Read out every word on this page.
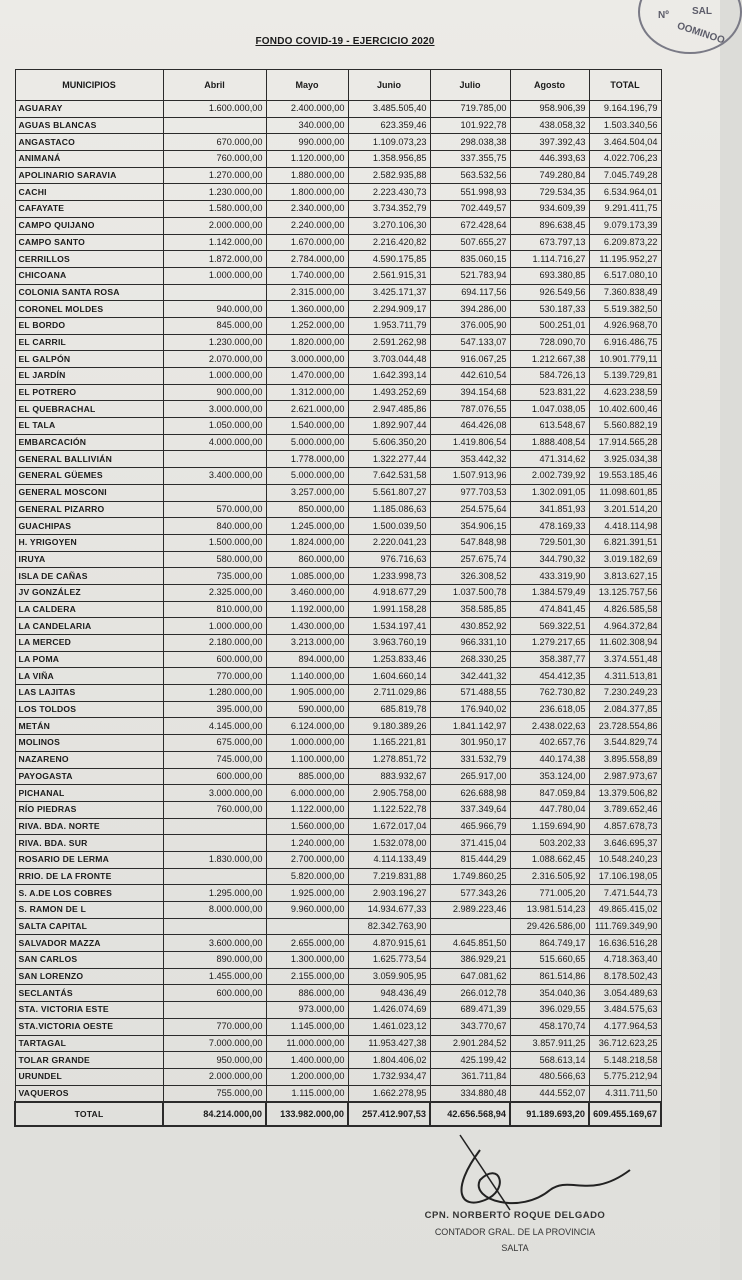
Nº
OOMINOO
SAL
FONDO COVID-19 - EJERCICIO 2020
MUNICIPIOS	Abril	Mayo	Junio	Julio	Agosto	TOTAL
AGUARAY	1.600.000,00	2.400.000,00	3.485.505,40	719.785,00	958.906,39	9.164.196,79
AGUAS BLANCAS		340.000,00	623.359,46	101.922,78	438.058,32	1.503.340,56
ANGASTACO	670.000,00	990.000,00	1.109.073,23	298.038,38	397.392,43	3.464.504,04
ANIMANÁ	760.000,00	1.120.000,00	1.358.956,85	337.355,75	446.393,63	4.022.706,23
APOLINARIO SARAVIA	1.270.000,00	1.880.000,00	2.582.935,88	563.532,56	749.280,84	7.045.749,28
CACHI	1.230.000,00	1.800.000,00	2.223.430,73	551.998,93	729.534,35	6.534.964,01
CAFAYATE	1.580.000,00	2.340.000,00	3.734.352,79	702.449,57	934.609,39	9.291.411,75
CAMPO QUIJANO	2.000.000,00	2.240.000,00	3.270.106,30	672.428,64	896.638,45	9.079.173,39
CAMPO SANTO	1.142.000,00	1.670.000,00	2.216.420,82	507.655,27	673.797,13	6.209.873,22
CERRILLOS	1.872.000,00	2.784.000,00	4.590.175,85	835.060,15	1.114.716,27	11.195.952,27
CHICOANA	1.000.000,00	1.740.000,00	2.561.915,31	521.783,94	693.380,85	6.517.080,10
COLONIA SANTA ROSA		2.315.000,00	3.425.171,37	694.117,56	926.549,56	7.360.838,49
CORONEL MOLDES	940.000,00	1.360.000,00	2.294.909,17	394.286,00	530.187,33	5.519.382,50
EL BORDO	845.000,00	1.252.000,00	1.953.711,79	376.005,90	500.251,01	4.926.968,70
EL CARRIL	1.230.000,00	1.820.000,00	2.591.262,98	547.133,07	728.090,70	6.916.486,75
EL GALPÓN	2.070.000,00	3.000.000,00	3.703.044,48	916.067,25	1.212.667,38	10.901.779,11
EL JARDÍN	1.000.000,00	1.470.000,00	1.642.393,14	442.610,54	584.726,13	5.139.729,81
EL POTRERO	900.000,00	1.312.000,00	1.493.252,69	394.154,68	523.831,22	4.623.238,59
EL QUEBRACHAL	3.000.000,00	2.621.000,00	2.947.485,86	787.076,55	1.047.038,05	10.402.600,46
EL TALA	1.050.000,00	1.540.000,00	1.892.907,44	464.426,08	613.548,67	5.560.882,19
EMBARCACIÓN	4.000.000,00	5.000.000,00	5.606.350,20	1.419.806,54	1.888.408,54	17.914.565,28
GENERAL BALLIVIÁN		1.778.000,00	1.322.277,44	353.442,32	471.314,62	3.925.034,38
GENERAL GÜEMES	3.400.000,00	5.000.000,00	7.642.531,58	1.507.913,96	2.002.739,92	19.553.185,46
GENERAL MOSCONI		3.257.000,00	5.561.807,27	977.703,53	1.302.091,05	11.098.601,85
GENERAL PIZARRO	570.000,00	850.000,00	1.185.086,63	254.575,64	341.851,93	3.201.514,20
GUACHIPAS	840.000,00	1.245.000,00	1.500.039,50	354.906,15	478.169,33	4.418.114,98
H. YRIGOYEN	1.500.000,00	1.824.000,00	2.220.041,23	547.848,98	729.501,30	6.821.391,51
IRUYA	580.000,00	860.000,00	976.716,63	257.675,74	344.790,32	3.019.182,69
ISLA DE CAÑAS	735.000,00	1.085.000,00	1.233.998,73	326.308,52	433.319,90	3.813.627,15
JV GONZÁLEZ	2.325.000,00	3.460.000,00	4.918.677,29	1.037.500,78	1.384.579,49	13.125.757,56
LA CALDERA	810.000,00	1.192.000,00	1.991.158,28	358.585,85	474.841,45	4.826.585,58
LA CANDELARIA	1.000.000,00	1.430.000,00	1.534.197,41	430.852,92	569.322,51	4.964.372,84
LA MERCED	2.180.000,00	3.213.000,00	3.963.760,19	966.331,10	1.279.217,65	11.602.308,94
LA POMA	600.000,00	894.000,00	1.253.833,46	268.330,25	358.387,77	3.374.551,48
LA VIÑA	770.000,00	1.140.000,00	1.604.660,14	342.441,32	454.412,35	4.311.513,81
LAS LAJITAS	1.280.000,00	1.905.000,00	2.711.029,86	571.488,55	762.730,82	7.230.249,23
LOS TOLDOS	395.000,00	590.000,00	685.819,78	176.940,02	236.618,05	2.084.377,85
METÁN	4.145.000,00	6.124.000,00	9.180.389,26	1.841.142,97	2.438.022,63	23.728.554,86
MOLINOS	675.000,00	1.000.000,00	1.165.221,81	301.950,17	402.657,76	3.544.829,74
NAZARENO	745.000,00	1.100.000,00	1.278.851,72	331.532,79	440.174,38	3.895.558,89
PAYOGASTA	600.000,00	885.000,00	883.932,67	265.917,00	353.124,00	2.987.973,67
PICHANAL	3.000.000,00	6.000.000,00	2.905.758,00	626.688,98	847.059,84	13.379.506,82
RÍO PIEDRAS	760.000,00	1.122.000,00	1.122.522,78	337.349,64	447.780,04	3.789.652,46
RIVA. BDA. NORTE		1.560.000,00	1.672.017,04	465.966,79	1.159.694,90	4.857.678,73
RIVA. BDA. SUR		1.240.000,00	1.532.078,00	371.415,04	503.202,33	3.646.695,37
ROSARIO DE LERMA	1.830.000,00	2.700.000,00	4.114.133,49	815.444,29	1.088.662,45	10.548.240,23
RRIO. DE LA FRONTE		5.820.000,00	7.219.831,88	1.749.860,25	2.316.505,92	17.106.198,05
S. A.DE LOS COBRES	1.295.000,00	1.925.000,00	2.903.196,27	577.343,26	771.005,20	7.471.544,73
S. RAMON DE L	8.000.000,00	9.960.000,00	14.934.677,33	2.989.223,46	13.981.514,23	49.865.415,02
SALTA CAPITAL			82.342.763,90		29.426.586,00	111.769.349,90
SALVADOR MAZZA	3.600.000,00	2.655.000,00	4.870.915,61	4.645.851,50	864.749,17	16.636.516,28
SAN CARLOS	890.000,00	1.300.000,00	1.625.773,54	386.929,21	515.660,65	4.718.363,40
SAN LORENZO	1.455.000,00	2.155.000,00	3.059.905,95	647.081,62	861.514,86	8.178.502,43
SECLANTÁS	600.000,00	886.000,00	948.436,49	266.012,78	354.040,36	3.054.489,63
STA. VICTORIA ESTE		973.000,00	1.426.074,69	689.471,39	396.029,55	3.484.575,63
STA.VICTORIA OESTE	770.000,00	1.145.000,00	1.461.023,12	343.770,67	458.170,74	4.177.964,53
TARTAGAL	7.000.000,00	11.000.000,00	11.953.427,38	2.901.284,52	3.857.911,25	36.712.623,25
TOLAR GRANDE	950.000,00	1.400.000,00	1.804.406,02	425.199,42	568.613,14	5.148.218,58
URUNDEL	2.000.000,00	1.200.000,00	1.732.934,47	361.711,84	480.566,63	5.775.212,94
VAQUEROS	755.000,00	1.115.000,00	1.662.278,95	334.880,48	444.552,07	4.311.711,50
TOTAL	84.214.000,00	133.982.000,00	257.412.907,53	42.656.568,94	91.189.693,20	609.455.169,67
CPN. NORBERTO ROQUE DELGADO
CONTADOR GRAL. DE LA PROVINCIA
SALTA
